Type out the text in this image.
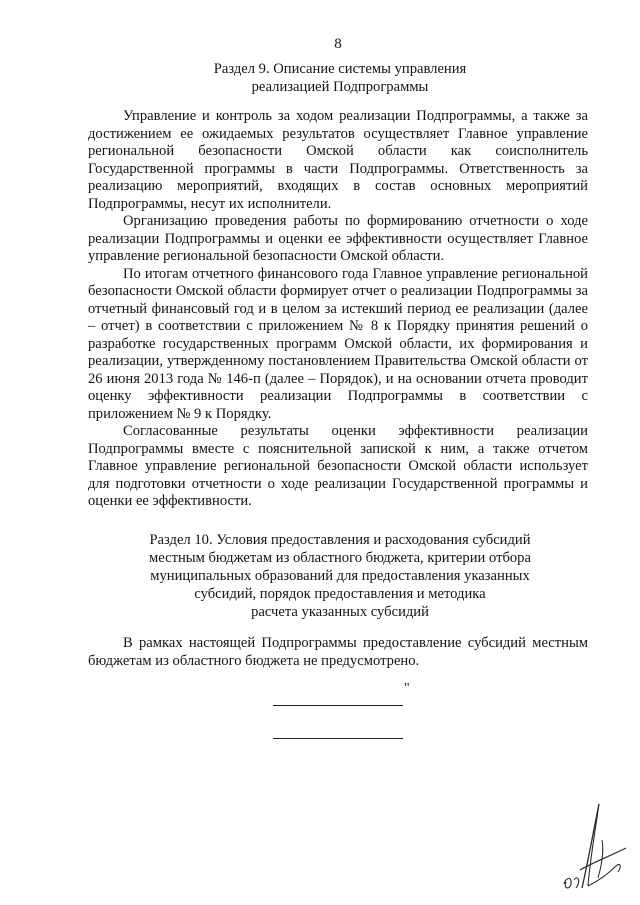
8
Раздел 9. Описание системы управления
реализацией Подпрограммы

Управление и контроль за ходом реализации Подпрограммы, а также за достижением ее ожидаемых результатов осуществляет Главное управление региональной безопасности Омской области как соисполнитель Государственной программы в части Подпрограммы. Ответственность за реализацию мероприятий, входящих в состав основных мероприятий Подпрограммы, несут их исполнители.

Организацию проведения работы по формированию отчетности о ходе реализации Подпрограммы и оценки ее эффективности осуществляет Главное управление региональной безопасности Омской области.

По итогам отчетного финансового года Главное управление региональной безопасности Омской области формирует отчет о реализации Подпрограммы за отчетный финансовый год и в целом за истекший период ее реализации (далее – отчет) в соответствии с приложением № 8 к Порядку принятия решений о разработке государственных программ Омской области, их формирования и реализации, утвержденному постановлением Правительства Омской области от 26 июня 2013 года № 146-п (далее – Порядок), и на основании отчета проводит оценку эффективности реализации Подпрограммы в соответствии с приложением № 9 к Порядку.

Согласованные результаты оценки эффективности реализации Подпрограммы вместе с пояснительной запиской к ним, а также отчетом Главное управление региональной безопасности Омской области использует для подготовки отчетности о ходе реализации Государственной программы и оценки ее эффективности.

Раздел 10. Условия предоставления и расходования субсидий
местным бюджетам из областного бюджета, критерии отбора
муниципальных образований для предоставления указанных
субсидий, порядок предоставления и методика
расчета указанных субсидий

В рамках настоящей Подпрограммы предоставление субсидий местным бюджетам из областного бюджета не предусмотрено.

"
